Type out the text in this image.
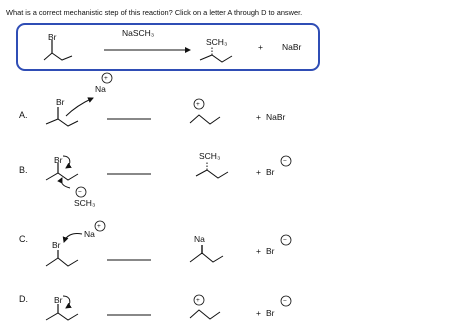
What is a correct mechanistic step of this reaction? Click on a letter A through D to answer.
Br	NaSCH₃
SCH₃	+ NaBr
A.
+
Na
Br	+
+ NaBr
B.
Br
−
SCH₃
SCH₃
+ Br
−
C.
+
Na
Br
Na
+ Br
−
D.	Br	+
+ Br
−
